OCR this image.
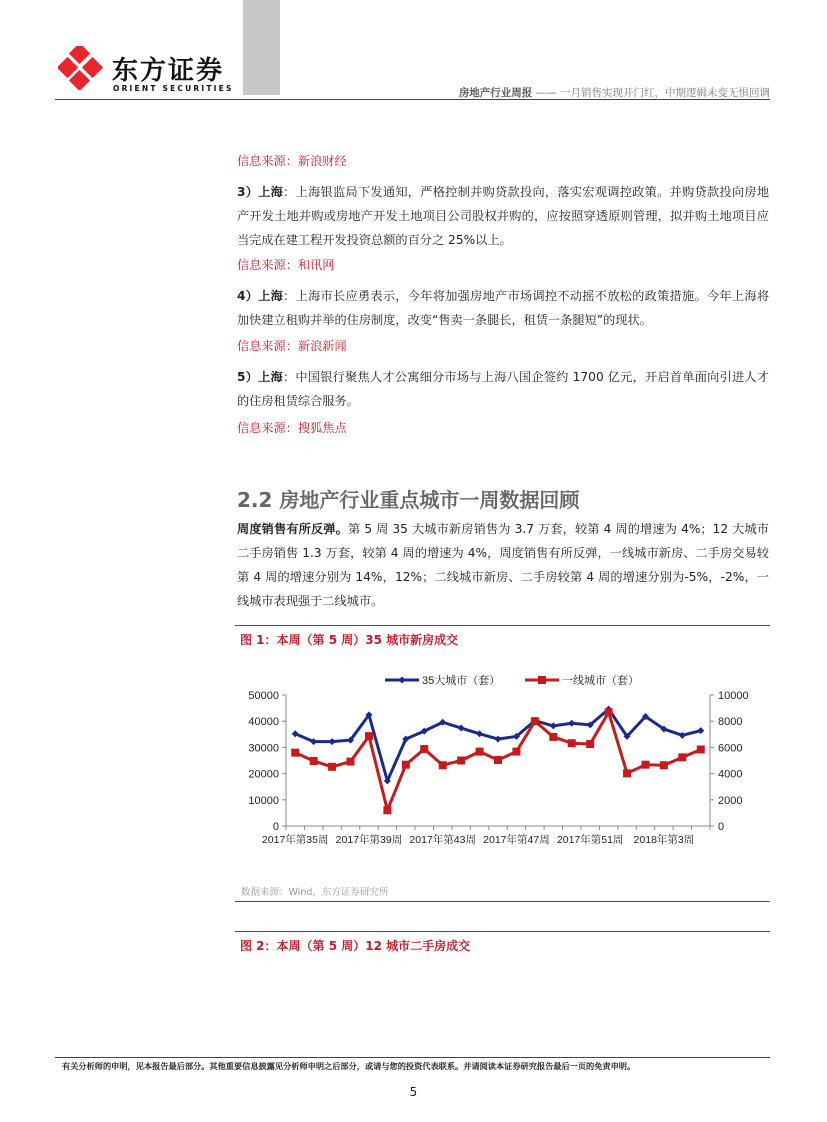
东方证券
ORIENT SECURITIES	房地产行业周报 —— 一月销售实现开门红，中期逻辑未变无惧回调
信息来源：新浪财经
3）上海：上海银监局下发通知，严格控制并购贷款投向，落实宏观调控政策。并购贷款投向房地产开发土地并购或房地产开发土地项目公司股权并购的，应按照穿透原则管理，拟并购土地项目应当完成在建工程开发投资总额的百分之 25%以上。
信息来源：和讯网
4）上海：上海市长应勇表示，今年将加强房地产市场调控不动摇不放松的政策措施。今年上海将加快建立租购并举的住房制度，改变“售卖一条腿长，租赁一条腿短”的现状。
信息来源：新浪新闻
5）上海：中国银行聚焦人才公寓细分市场与上海八国企签约 1700 亿元，开启首单面向引进人才的住房租赁综合服务。
信息来源：搜狐焦点
2.2 房地产行业重点城市一周数据回顾
周度销售有所反弹。第 5 周 35 大城市新房销售为 3.7 万套，较第 4 周的增速为 4%；12 大城市二手房销售 1.3 万套，较第 4 周的增速为 4%，周度销售有所反弹，一线城市新房、二手房交易较第 4 周的增速分别为 14%，12%；二线城市新房、二手房较第 4 周的增速分别为-5%，-2%，一线城市表现强于二线城市。
图 1：本周（第 5 周）35 城市新房成交
0
10000
20000
30000
40000
50000
0
2000
4000
6000
8000
10000
2017年第35周 2017年第39周 2017年第43周 2017年第47周 2017年第51周 2018年第3周
35大城市（套）	一线城市（套）
数据来源：Wind，东方证券研究所
图 2：本周（第 5 周）12 城市二手房成交
有关分析师的申明，见本报告最后部分。其他重要信息披露见分析师申明之后部分，或请与您的投资代表联系。并请阅读本证券研究报告最后一页的免责申明。
5
